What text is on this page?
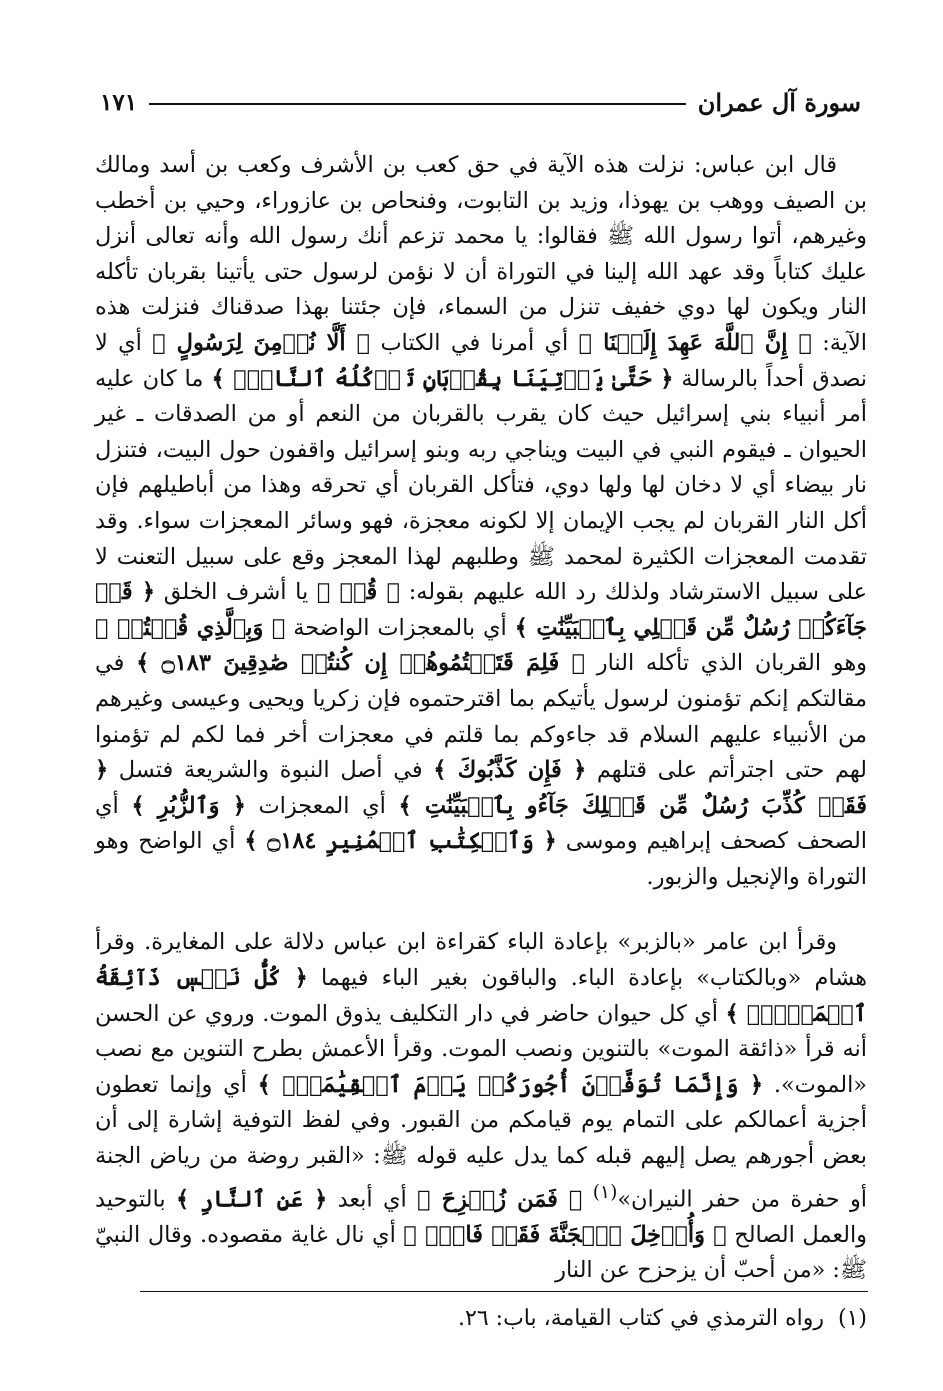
سورة آل عمران
١٧١

قال ابن عباس: نزلت هذه الآية في حق كعب بن الأشرف وكعب بن أسد ومالك بن الصيف ووهب بن يهوذا، وزيد بن التابوت، وفنحاص بن عازوراء، وحيي بن أخطب وغيرهم، أتوا رسول الله ﷺ فقالوا: يا محمد تزعم أنك رسول الله وأنه تعالى أنزل عليك كتاباً وقد عهد الله إلينا في التوراة أن لا نؤمن لرسول حتى يأتينا بقربان تأكله النار ويكون لها دوي خفيف تنزل من السماء، فإن جئتنا بهذا صدقناك فنزلت هذه الآية: ﴿ إِنَّ ٱللَّهَ عَهِدَ إِلَيۡنَا ﴾ أي أمرنا في الكتاب ﴿ أَلَّا نُؤۡمِنَ لِرَسُولٍ ﴾ أي لا نصدق أحداً بالرسالة ﴿ حَتَّىٰ يَأۡتِيَنَا بِقُرۡبَانٍ تَأۡكُلُهُ ٱلنَّارُۗ ﴾ ما كان عليه أمر أنبياء بني إسرائيل حيث كان يقرب بالقربان من النعم أو من الصدقات ـ غير الحيوان ـ فيقوم النبي في البيت ويناجي ربه وبنو إسرائيل واقفون حول البيت، فتنزل نار بيضاء أي لا دخان لها ولها دوي، فتأكل القربان أي تحرقه وهذا من أباطيلهم فإن أكل النار القربان لم يجب الإيمان إلا لكونه معجزة، فهو وسائر المعجزات سواء. وقد تقدمت المعجزات الكثيرة لمحمد ﷺ وطلبهم لهذا المعجز وقع على سبيل التعنت لا على سبيل الاسترشاد ولذلك رد الله عليهم بقوله: ﴿ قُلۡ ﴾ يا أشرف الخلق ﴿ قَدۡ جَآءَكُمۡ رُسُلٌ مِّن قَبۡلِي بِٱلۡبَيِّنَٰتِ ﴾ أي بالمعجزات الواضحة ﴿ وَبِٱلَّذِي قُلۡتُمۡ ﴾ وهو القربان الذي تأكله النار ﴿ فَلِمَ قَتَلۡتُمُوهُمۡ إِن كُنتُمۡ صَٰدِقِينَ ۝١٨٣ ﴾ في مقالتكم إنكم تؤمنون لرسول يأتيكم بما اقترحتموه فإن زكريا ويحيى وعيسى وغيرهم من الأنبياء عليهم السلام قد جاءوكم بما قلتم في معجزات أخر فما لكم لم تؤمنوا لهم حتى اجترأتم على قتلهم ﴿ فَإِن كَذَّبُوكَ ﴾ في أصل النبوة والشريعة فتسل ﴿ فَقَدۡ كُذِّبَ رُسُلٌ مِّن قَبۡلِكَ جَآءُو بِٱلۡبَيِّنَٰتِ ﴾ أي المعجزات ﴿ وَٱلزُّبُرِ ﴾ أي الصحف كصحف إبراهيم وموسى ﴿ وَٱلۡكِتَٰبِ ٱلۡمُنِيرِ ۝١٨٤ ﴾ أي الواضح وهو التوراة والإنجيل والزبور.

وقرأ ابن عامر «بالزبر» بإعادة الباء كقراءة ابن عباس دلالة على المغايرة. وقرأ هشام «وبالكتاب» بإعادة الباء. والباقون بغير الباء فيهما ﴿ كُلُّ نَفۡسٖ ذَآئِقَةُ ٱلۡمَوۡتِۗ ﴾ أي كل حيوان حاضر في دار التكليف يذوق الموت. وروي عن الحسن أنه قرأ «ذائقة الموت» بالتنوين ونصب الموت. وقرأ الأعمش بطرح التنوين مع نصب «الموت». ﴿ وَإِنَّمَا تُوَفَّوۡنَ أُجُورَكُمۡ يَوۡمَ ٱلۡقِيَٰمَةِۖ ﴾ أي وإنما تعطون أجزية أعمالكم على التمام يوم قيامكم من القبور. وفي لفظ التوفية إشارة إلى أن بعض أجورهم يصل إليهم قبله كما يدل عليه قوله ﷺ: «القبر روضة من رياض الجنة أو حفرة من حفر النيران»$^{(١)}$ ﴿ فَمَن زُحۡزِحَ ﴾ أي أبعد ﴿ عَنِ ٱلنَّارِ ﴾ بالتوحيد والعمل الصالح ﴿ وَأُدۡخِلَ ٱلۡجَنَّةَ فَقَدۡ فَازَۗ ﴾ أي نال غاية مقصوده. وقال النبيّ ﷺ: «من أحبّ أن يزحزح عن النار

(١)رواه الترمذي في كتاب القيامة، باب: ٢٦.
